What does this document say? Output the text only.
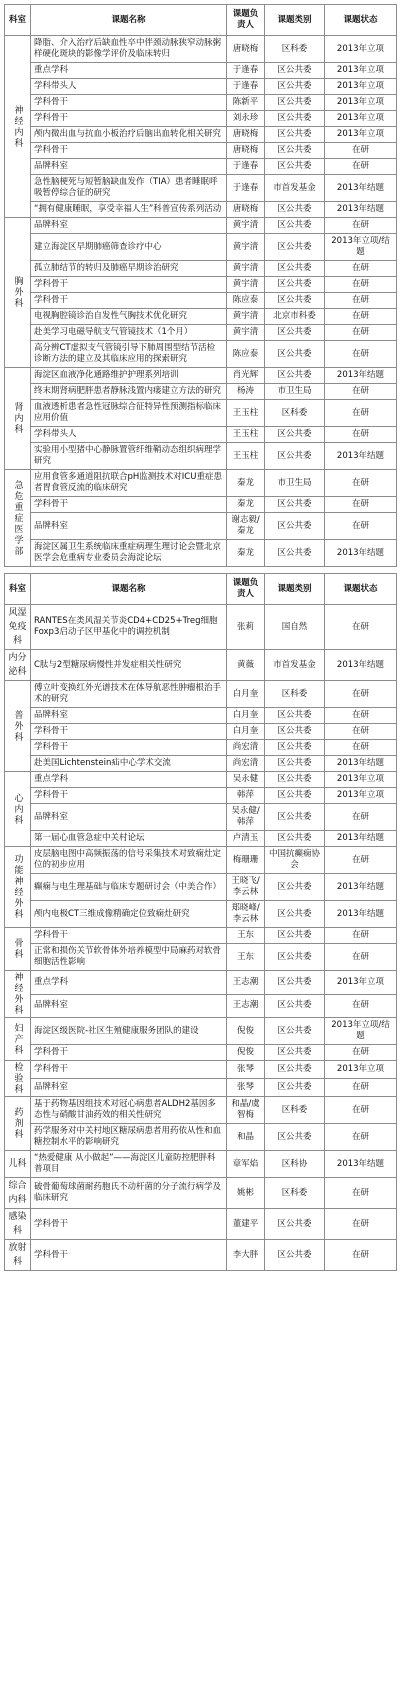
科室	课题名称	课题负责人	课题类别	课题状态
神经内科	降脂、介入治疗后缺血性卒中伴颈动脉狭窄动脉粥样硬化斑块的影像学评价及临床转归	唐晓梅	区科委	2013年立项
	重点学科	于逢春	区公共委	2013年立项
	学科带头人	于逢春	区公共委	2013年立项
	学科骨干	陈新平	区公共委	2013年立项
	学科骨干	刘永珍	区公共委	2013年立项
	颅内微出血与抗血小板治疗后脑出血转化相关研究	唐晓梅	区公共委	2013年立项
	学科骨干	唐晓梅	区公共委	在研
	品牌科室	于逢春	区公共委	在研
	急性脑梗死与短暂脑缺血发作（TIA）患者睡眠呼吸暂停综合征的研究	于逢春	市首发基金	2013年结题
	“拥有健康睡眠，享受幸福人生”科普宣传系列活动	唐晓梅	区公共委	2013年结题
胸外科	品牌科室	黄宇清	区公共委	在研
	建立海淀区早期肺癌筛查诊疗中心	黄宇清	区公共委	2013年立项/结题
	孤立肺结节的转归及肺癌早期诊治研究	黄宇清	区公共委	在研
	学科骨干	黄宇清	区公共委	在研
	学科骨干	陈应泰	区公共委	在研
	电视胸腔镜诊治自发性气胸技术优化研究	黄宇清	北京市科委	在研
	赴美学习电磁导航支气管镜技术（1个月）	黄宇清	区公共委	在研
	高分辨CT虚拟支气管镜引导下肺周围型结节活检诊断方法的建立及其临床应用的探索研究	陈应泰	区公共委	在研
肾内科	海淀区血液净化通路维护护理系列培训	肖光辉	区公共委	2013年结题
	终末期肾病肥胖患者静脉浅置内瘘建立方法的研究	杨涛	市卫生局	在研
	血液透析患者急性冠脉综合征特异性预测指标临床应用价值	王玉柱	区科委	在研
	学科带头人	王玉柱	区公共委	在研
	实验用小型猪中心静脉置管纤维鞘动态组织病理学研究	王玉柱	区公共委	2013年结题
急危重症医学部	应用食管多通道阻抗联合pH监测技术对ICU重症患者胃食管反流的临床研究	秦龙	市卫生局	在研
	学科骨干	秦龙	区公共委	在研
	品牌科室	谢志毅/秦龙	区公共委	在研
	海淀区属卫生系统临床重症病理生理讨论会暨北京医学会危重病专业委员会海淀论坛	秦龙	区公共委	2013年结题
科室	课题名称	课题负责人	课题类别	课题状态
风湿免疫科	RANTES在类风湿关节炎CD4+CD25+Treg细胞Foxp3启动子区甲基化中的调控机制	张莉	国自然	在研
内分泌科	C肽与2型糖尿病慢性并发症相关性研究	黄薇	市首发基金	2013年结题
普外科	傅立叶变换红外光谱技术在体导航恶性肿瘤根治手术的研究	白月奎	区科委	在研
	品牌科室	白月奎	区公共委	在研
	学科骨干	白月奎	区公共委	在研
	学科骨干	尚宏清	区公共委	在研
	赴美国Lichtenstein疝中心学术交流	尚宏清	区公共委	2013年结题
心内科	重点学科	吴永健	区公共委	2013年立项
	学科骨干	韩萍	区公共委	2013年立项
	品牌科室	吴永健/韩萍	区公共委	在研
	第一届心血管急症中关村论坛	卢清玉	区公共委	2013年结题
功能神经外科	皮层脑电图中高频振荡的信号采集技术对致痫灶定位的初步应用	梅珊珊	中国抗癫痫协会	在研
	癫痫与电生理基础与临床专题研讨会（中美合作）	王晓飞/李云林	区公共委	2013年结题
	颅内电极CT三维成像精确定位致痫灶研究	郑晓峰/李云林	区公共委	2013年结题
骨科	学科骨干	王东	区公共委	在研
	正常和损伤关节软骨体外培养模型中局麻药对软骨细胞活性影响	王东	区公共委	在研
神经外科	重点学科	王志潮	区公共委	2013年立项
	品牌科室	王志潮	区公共委	在研
妇产科	海淀区级医院-社区生殖健康服务团队的建设	倪俊	区公共委	2013年立项/结题
	学科骨干	倪俊	区公共委	在研
检验科	学科骨干	张琴	区公共委	2013年立项
	品牌科室	张琴	区公共委	在研
药剂科	基于药物基因组技术对冠心病患者ALDH2基因多态性与硝酸甘油药效的相关性研究	和晶/虞智梅	区科委	在研
	药学服务对中关村地区糖尿病患者用药依从性和血糖控制水平的影响研究	和晶	区公共委	在研
儿科	“热爱健康 从小做起”——海淀区儿童防控肥胖科普项目	章军焰	区科协	2013年结题
综合内科	破骨葡萄球菌耐药胞氏不动杆菌的分子流行病学及临床研究	姚彬	区科委	在研
感染科	学科骨干	董建平	区公共委	在研
放射科	学科骨干	李大胖	区公共委	在研
